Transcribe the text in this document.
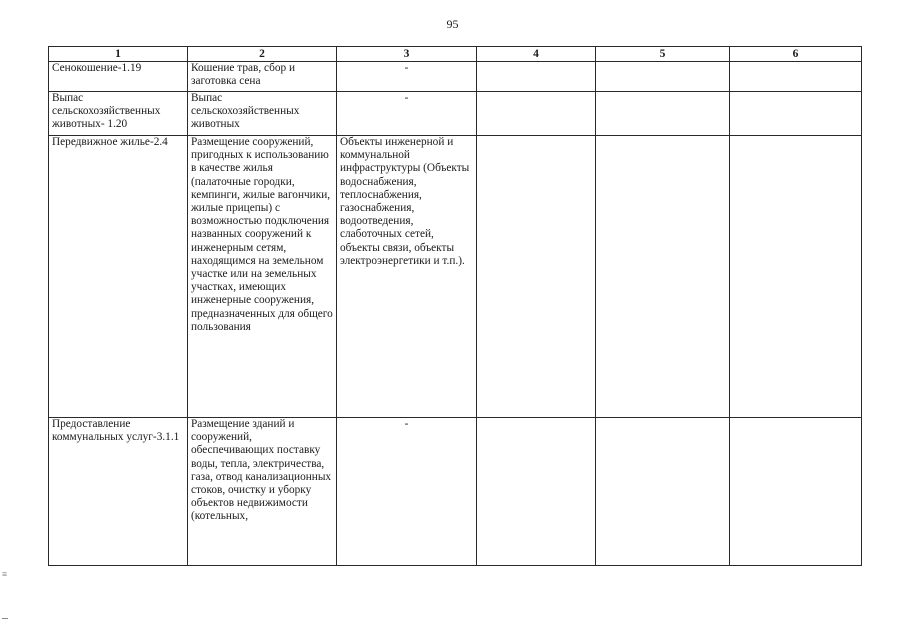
95
1	2	3	4	5	6
Сенокошение-1.19	Кошение трав, сбор и заготовка сена	-			
Выпас сельскохозяйственных животных- 1.20	Выпас сельскохозяйственных животных	-			
Передвижное жилье-2.4	Размещение сооружений, пригодных к использованию в качестве жилья (палаточные городки, кемпинги, жилые вагончики, жилые прицепы) с возможностью подключения названных сооружений к инженерным сетям, находящимся на земельном участке или на земельных участках, имеющих инженерные сооружения, предназначенных для общего пользования	Объекты инженерной и коммунальной инфраструктуры (Объекты водоснабжения, теплоснабжения, газоснабжения, водоотведения, слаботочных сетей, объекты связи, объекты электроэнергетики и т.п.).			
Предоставление коммунальных услуг-3.1.1	Размещение зданий и сооружений, обеспечивающих поставку воды, тепла, электричества, газа, отвод канализационных стоков, очистку и уборку объектов недвижимости (котельных,	-			
≡
